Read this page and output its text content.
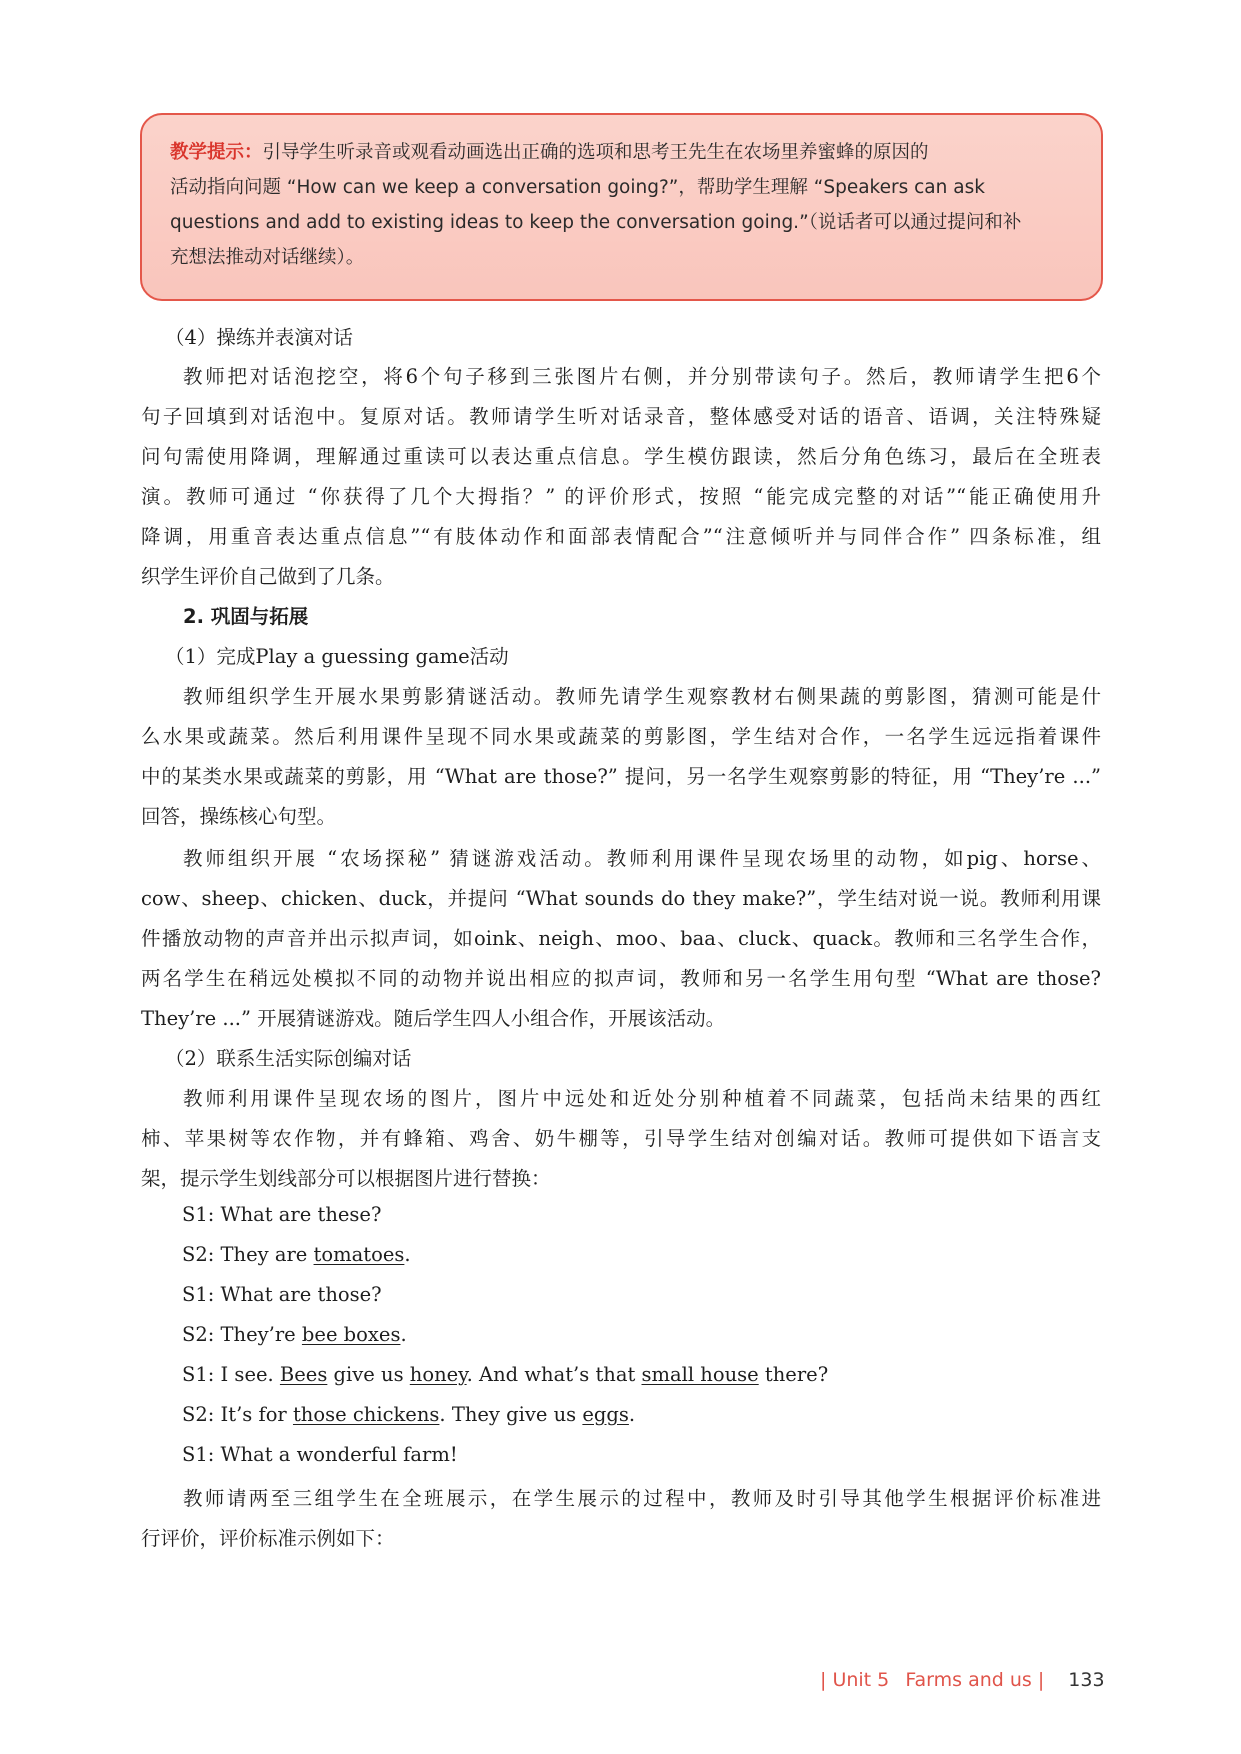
教学提示：引导学生听录音或观看动画选出正确的选项和思考王先生在农场里养蜜蜂的原因的
活动指向问题 “How can we keep a conversation going?”，帮助学生理解 “Speakers can ask
questions and add to existing ideas to keep the conversation going.”（说话者可以通过提问和补
充想法推动对话继续）。
（4）操练并表演对话
教师把对话泡挖空，将6个句子移到三张图片右侧，并分别带读句子。然后，教师请学生把6个
句子回填到对话泡中。复原对话。教师请学生听对话录音，整体感受对话的语音、语调，关注特殊疑
问句需使用降调，理解通过重读可以表达重点信息。学生模仿跟读，然后分角色练习，最后在全班表
演。教师可通过 “你获得了几个大拇指？” 的评价形式，按照 “能完成完整的对话”“能正确使用升
降调，用重音表达重点信息”“有肢体动作和面部表情配合”“注意倾听并与同伴合作” 四条标准，组
织学生评价自己做到了几条。
2. 巩固与拓展
（1）完成Play a guessing game活动
教师组织学生开展水果剪影猜谜活动。教师先请学生观察教材右侧果蔬的剪影图，猜测可能是什
么水果或蔬菜。然后利用课件呈现不同水果或蔬菜的剪影图，学生结对合作，一名学生远远指着课件
中的某类水果或蔬菜的剪影，用 “What are those?” 提问，另一名学生观察剪影的特征，用 “They’re ...”
回答，操练核心句型。
教师组织开展 “农场探秘” 猜谜游戏活动。教师利用课件呈现农场里的动物，如pig、horse、
cow、sheep、chicken、duck，并提问 “What sounds do they make?”，学生结对说一说。教师利用课
件播放动物的声音并出示拟声词，如oink、neigh、moo、baa、cluck、quack。教师和三名学生合作，
两名学生在稍远处模拟不同的动物并说出相应的拟声词，教师和另一名学生用句型 “What are those?
They’re ...” 开展猜谜游戏。随后学生四人小组合作，开展该活动。
（2）联系生活实际创编对话
教师利用课件呈现农场的图片，图片中远处和近处分别种植着不同蔬菜，包括尚未结果的西红
柿、苹果树等农作物，并有蜂箱、鸡舍、奶牛棚等，引导学生结对创编对话。教师可提供如下语言支
架，提示学生划线部分可以根据图片进行替换：
S1: What are these?
S2: They are tomatoes.
S1: What are those?
S2: They’re bee boxes.
S1: I see. Bees give us honey. And what’s that small house there?
S2: It’s for those chickens. They give us eggs.
S1: What a wonderful farm!
教师请两至三组学生在全班展示，在学生展示的过程中，教师及时引导其他学生根据评价标准进
行评价，评价标准示例如下：
| Unit 5 Farms and us | 133
